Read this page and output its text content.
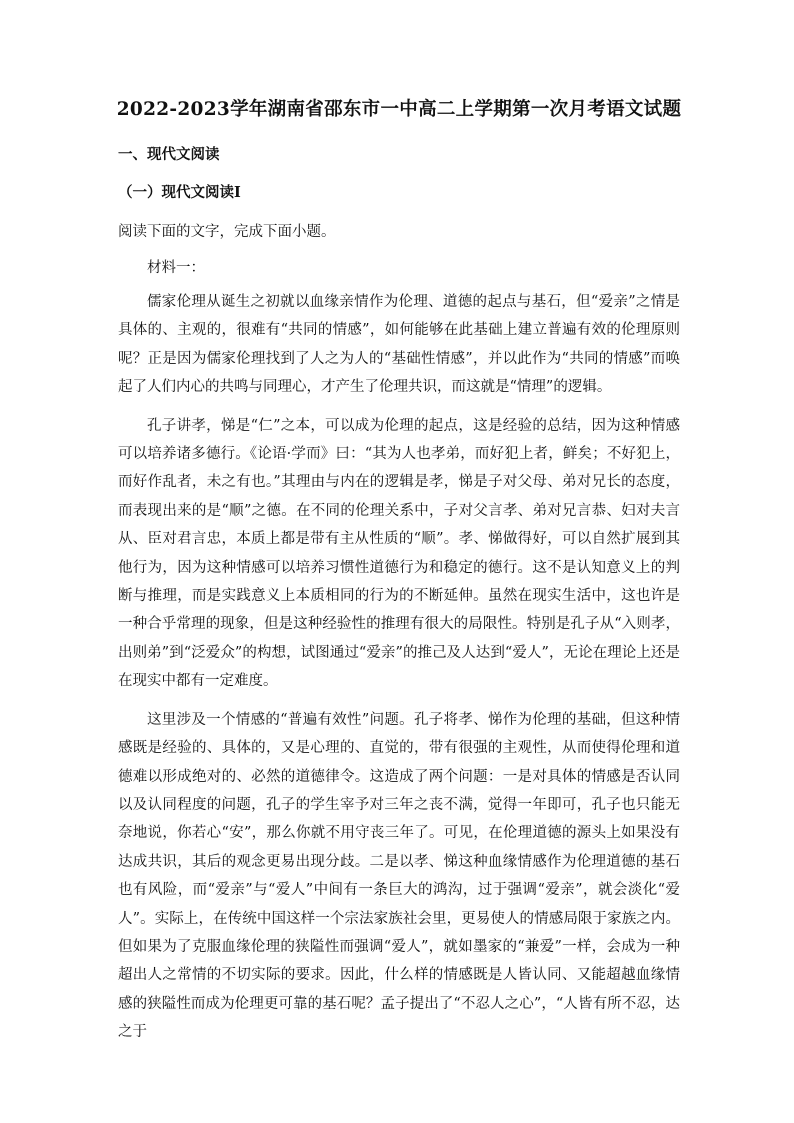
2022-2023学年湖南省邵东市一中高二上学期第一次月考语文试题
一、现代文阅读
（一）现代文阅读Ⅰ
阅读下面的文字，完成下面小题。
材料一：

儒家伦理从诞生之初就以血缘亲情作为伦理、道德的起点与基石，但“爱亲”之情是具体的、主观的，很难有“共同的情感”，如何能够在此基础上建立普遍有效的伦理原则呢？正是因为儒家伦理找到了人之为人的“基础性情感”，并以此作为“共同的情感”而唤起了人们内心的共鸣与同理心，才产生了伦理共识，而这就是“情理”的逻辑。

孔子讲孝，悌是“仁”之本，可以成为伦理的起点，这是经验的总结，因为这种情感可以培养诸多德行。《论语·学而》曰：“其为人也孝弟，而好犯上者，鲜矣；不好犯上，而好作乱者，未之有也。”其理由与内在的逻辑是孝，悌是子对父母、弟对兄长的态度，而表现出来的是“顺”之德。在不同的伦理关系中，子对父言孝、弟对兄言恭、妇对夫言从、臣对君言忠，本质上都是带有主从性质的“顺”。孝、悌做得好，可以自然扩展到其他行为，因为这种情感可以培养习惯性道德行为和稳定的德行。这不是认知意义上的判断与推理，而是实践意义上本质相同的行为的不断延伸。虽然在现实生活中，这也许是一种合乎常理的现象，但是这种经验性的推理有很大的局限性。特别是孔子从“入则孝，出则弟”到“泛爱众”的构想，试图通过“爱亲”的推己及人达到“爱人”，无论在理论上还是在现实中都有一定难度。

这里涉及一个情感的“普遍有效性”问题。孔子将孝、悌作为伦理的基础，但这种情感既是经验的、具体的，又是心理的、直觉的，带有很强的主观性，从而使得伦理和道德难以形成绝对的、必然的道德律令。这造成了两个问题：一是对具体的情感是否认同以及认同程度的问题，孔子的学生宰予对三年之丧不满，觉得一年即可，孔子也只能无奈地说，你若心“安”，那么你就不用守丧三年了。可见，在伦理道德的源头上如果没有达成共识，其后的观念更易出现分歧。二是以孝、悌这种血缘情感作为伦理道德的基石也有风险，而“爱亲”与“爱人”中间有一条巨大的鸿沟，过于强调“爱亲”，就会淡化“爱人”。实际上，在传统中国这样一个宗法家族社会里，更易使人的情感局限于家族之内。但如果为了克服血缘伦理的狭隘性而强调“爱人”，就如墨家的“兼爱”一样，会成为一种超出人之常情的不切实际的要求。因此，什么样的情感既是人皆认同、又能超越血缘情感的狭隘性而成为伦理更可靠的基石呢？孟子提出了“不忍人之心”，“人皆有所不忍，达之于
